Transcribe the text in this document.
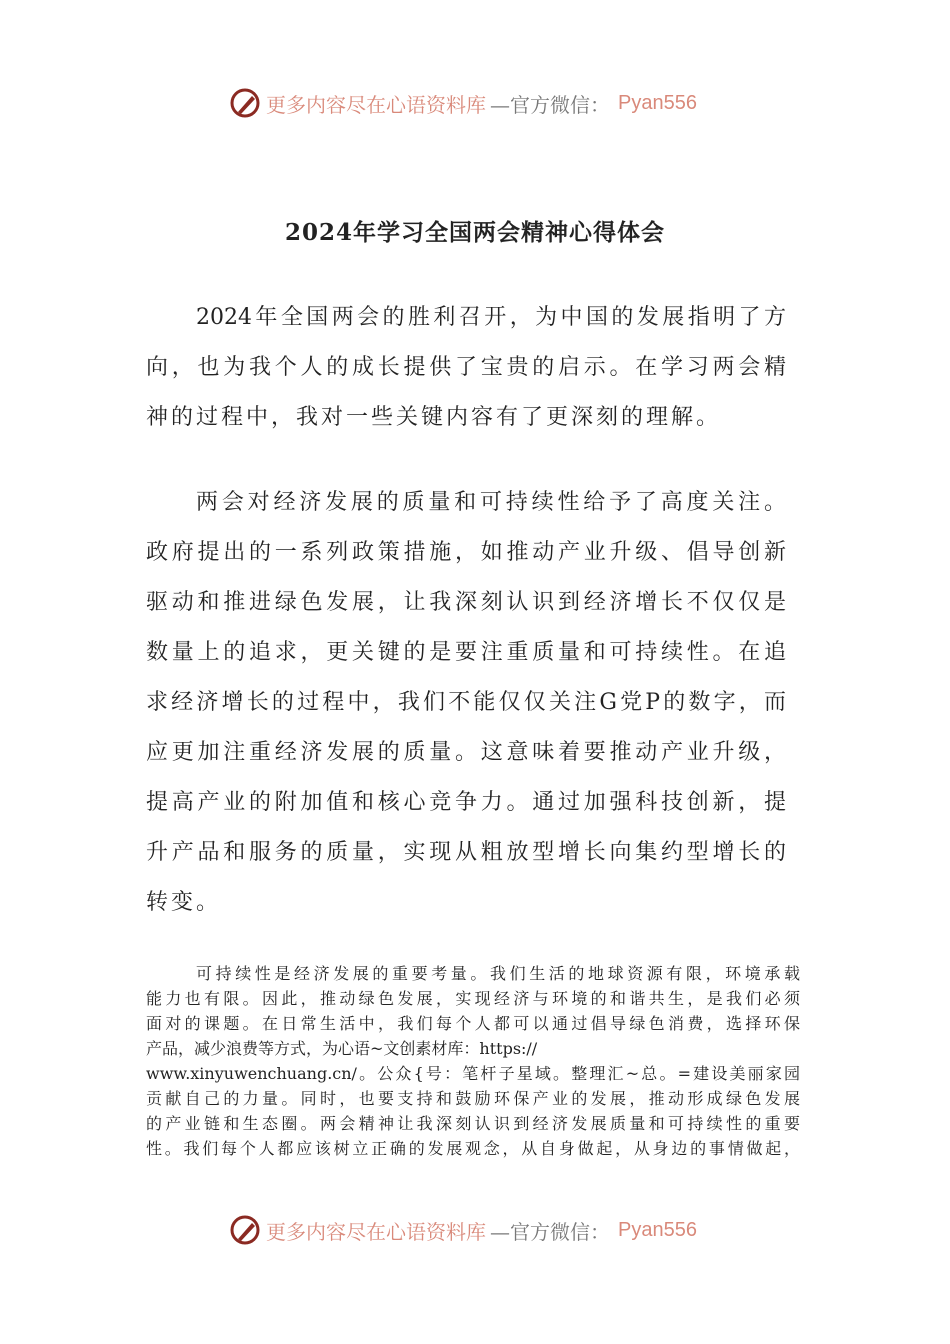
更多内容尽在心语资料库 —官方微信： Pyan556
2024年学习全国两会精神心得体会
2024年全国两会的胜利召开，为中国的发展指明了方
向，也为我个人的成长提供了宝贵的启示。在学习两会精
神的过程中，我对一些关键内容有了更深刻的理解。
两会对经济发展的质量和可持续性给予了高度关注。
政府提出的一系列政策措施，如推动产业升级、倡导创新
驱动和推进绿色发展，让我深刻认识到经济增长不仅仅是
数量上的追求，更关键的是要注重质量和可持续性。在追
求经济增长的过程中，我们不能仅仅关注G党P的数字，而
应更加注重经济发展的质量。这意味着要推动产业升级，
提高产业的附加值和核心竞争力。通过加强科技创新，提
升产品和服务的质量，实现从粗放型增长向集约型增长的
转变。
可持续性是经济发展的重要考量。我们生活的地球资源有限，环境承载
能力也有限。因此，推动绿色发展，实现经济与环境的和谐共生，是我们必须
面对的课题。在日常生活中，我们每个人都可以通过倡导绿色消费，选择环保
产品，减少浪费等方式，为心语~文创素材库：https://
www.xinyuwenchuang.cn/。公众{号：笔杆子星域。整理汇~总。=建设美丽家园
贡献自己的力量。同时，也要支持和鼓励环保产业的发展，推动形成绿色发展
的产业链和生态圈。两会精神让我深刻认识到经济发展质量和可持续性的重要
性。我们每个人都应该树立正确的发展观念，从自身做起，从身边的事情做起，
更多内容尽在心语资料库 —官方微信： Pyan556
